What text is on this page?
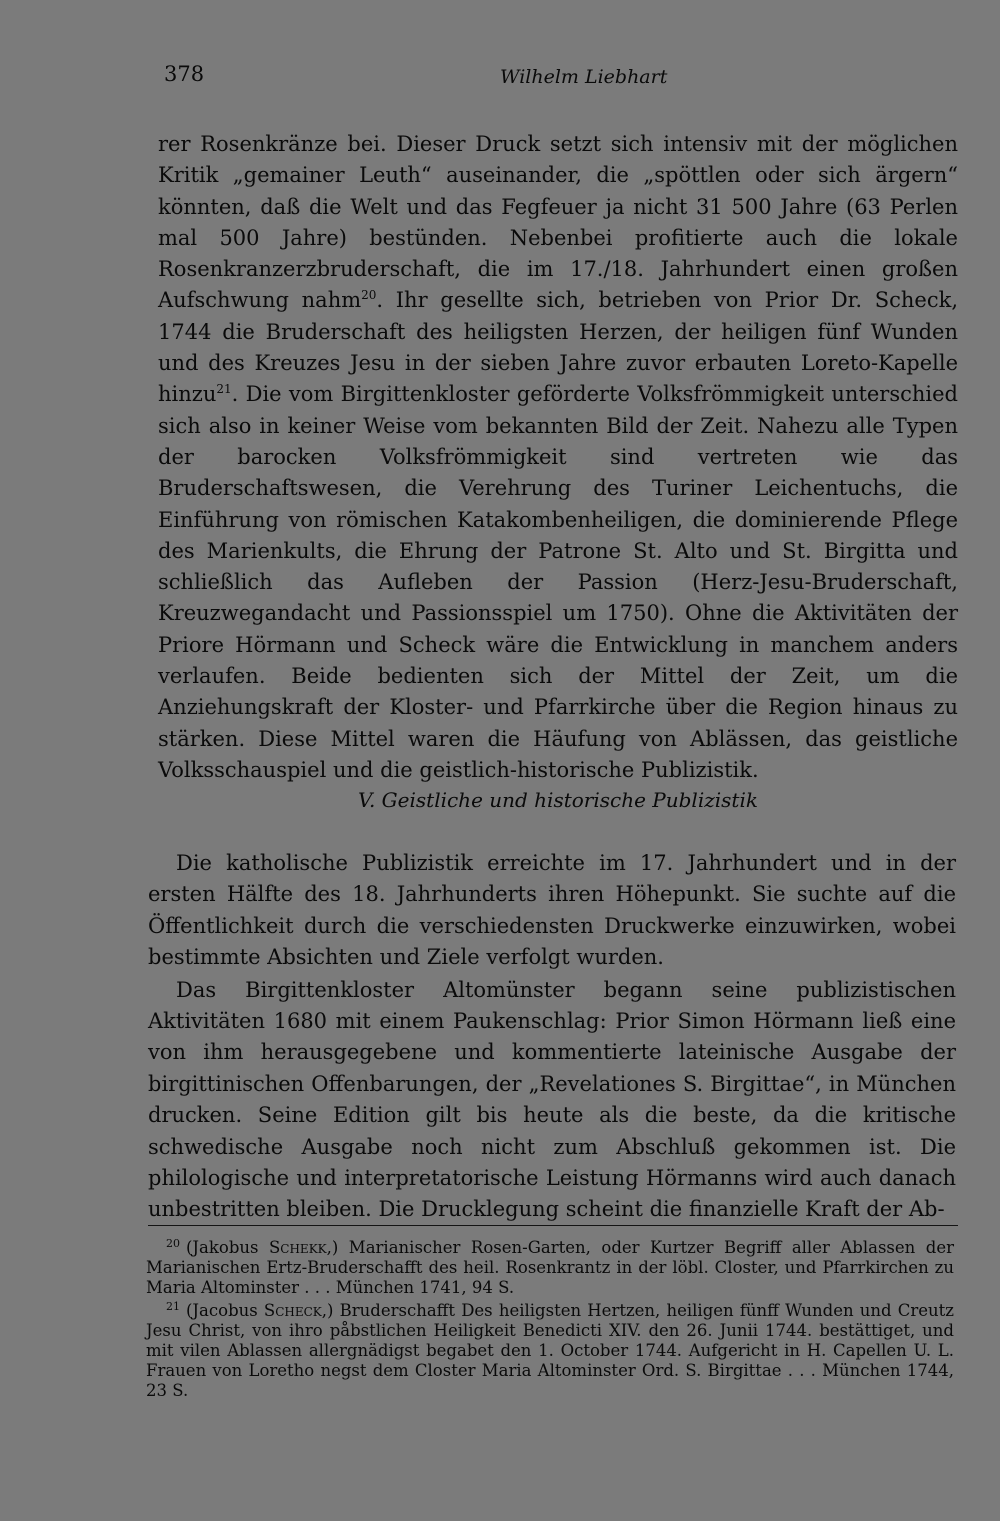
378	Wilhelm Liebhart

rer Rosenkränze bei. Dieser Druck setzt sich intensiv mit der möglichen Kritik „gemainer Leuth“ auseinander, die „spöttlen oder sich ärgern“ könnten, daß die Welt und das Fegfeuer ja nicht 31 500 Jahre (63 Perlen mal 500 Jahre) bestünden. Nebenbei profitierte auch die lokale Rosenkranzerzbruderschaft, die im 17./18. Jahrhundert einen großen Aufschwung nahm$^{20}$. Ihr gesellte sich, betrieben von Prior Dr. Scheck, 1744 die Bruderschaft des heiligsten Herzen, der heiligen fünf Wunden und des Kreuzes Jesu in der sieben Jahre zuvor erbauten Loreto-Kapelle hinzu$^{21}$. Die vom Birgittenkloster geförderte Volksfrömmigkeit unterschied sich also in keiner Weise vom bekannten Bild der Zeit. Nahezu alle Typen der barocken Volksfrömmigkeit sind vertreten wie das Bruderschaftswesen, die Verehrung des Turiner Leichentuchs, die Einführung von römischen Katakombenheiligen, die dominierende Pflege des Marienkults, die Ehrung der Patrone St. Alto und St. Birgitta und schließlich das Aufleben der Passion (Herz-Jesu-Bruderschaft, Kreuzwegandacht und Passionsspiel um 1750). Ohne die Aktivitäten der Priore Hörmann und Scheck wäre die Entwicklung in manchem anders verlaufen. Beide bedienten sich der Mittel der Zeit, um die Anziehungskraft der Kloster- und Pfarrkirche über die Region hinaus zu stärken. Diese Mittel waren die Häufung von Ablässen, das geistliche Volksschauspiel und die geistlich-historische Publizistik.

V. Geistliche und historische Publizistik

Die katholische Publizistik erreichte im 17. Jahrhundert und in der ersten Hälfte des 18. Jahrhunderts ihren Höhepunkt. Sie suchte auf die Öffentlichkeit durch die verschiedensten Druckwerke einzuwirken, wobei bestimmte Absichten und Ziele verfolgt wurden.

Das Birgittenkloster Altomünster begann seine publizistischen Aktivitäten 1680 mit einem Paukenschlag: Prior Simon Hörmann ließ eine von ihm herausgegebene und kommentierte lateinische Ausgabe der birgittinischen Offenbarungen, der „Revelationes S. Birgittae“, in München drucken. Seine Edition gilt bis heute als die beste, da die kritische schwedische Ausgabe noch nicht zum Abschluß gekommen ist. Die philologische und interpretatorische Leistung Hörmanns wird auch danach unbestritten bleiben. Die Drucklegung scheint die finanzielle Kraft der Ab-

$^{20}$ (Jakobus Schekk,) Marianischer Rosen-Garten, oder Kurtzer Begriff aller Ablassen der Marianischen Ertz-Bruderschafft des heil. Rosenkrantz in der löbl. Closter, und Pfarrkirchen zu Maria Altominster . . . München 1741, 94 S.

$^{21}$ (Jacobus Scheck,) Bruderschafft Des heiligsten Hertzen, heiligen fünff Wunden und Creutz Jesu Christ, von ihro påbstlichen Heiligkeit Benedicti XIV. den 26. Junii 1744. bestättiget, und mit vilen Ablassen allergnädigst begabet den 1. October 1744. Aufgericht in H. Capellen U. L. Frauen von Loretho negst dem Closter Maria Altominster Ord. S. Birgittae . . . München 1744, 23 S.
